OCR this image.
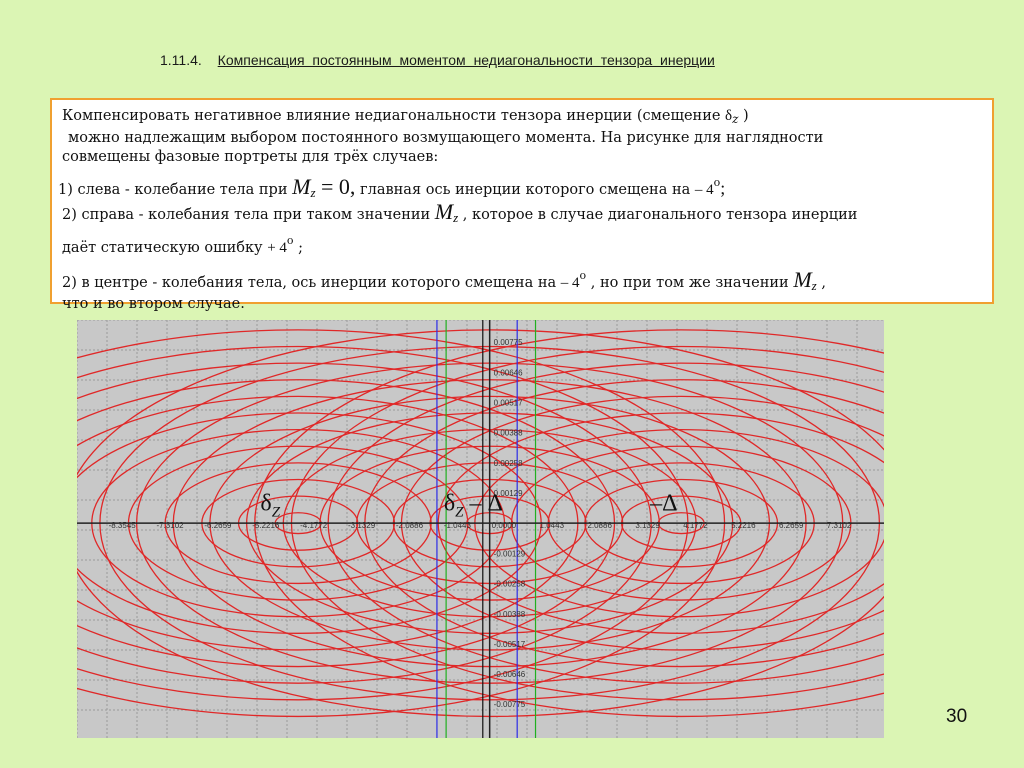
1.11.4. Компенсация постоянным моментом недиагональности тензора инерции

Компенсировать негативное влияние недиагональности тензора инерции (смещение $\delta_z$ )

можно надлежащим выбором постоянного возмущающего момента. На рисунке для наглядности

совмещены фазовые портреты для трёх случаев:

1) слева - колебание тела при Mz = 0, главная ось инерции которого смещена на – 4$^o$;

2) справа - колебания тела при таком значении Mz , которое в случае диагонального тензора инерции

даёт статическую ошибку + $4^o$ ;

2) в центре - колебания тела, ось инерции которого смещена на – 4$^o$ , но при том же значении Mz ,

что и во втором случае.

-8.3545	-7.3102	-6.2659	-5.2216	-4.1772	-3.1329	-2.0886	-1.0443	0.0000	1.0443	2.0886	3.1329	4.1772	5.2216	6.2659	7.3102
0.00775
0.00646
0.00517
0.00388
0.00258
0.00129
-0.00129
-0.00258
-0.00388
-0.00517
-0.00646
-0.00775
$\delta_Z$	$\delta_Z$ – Δ	–Δ
30
